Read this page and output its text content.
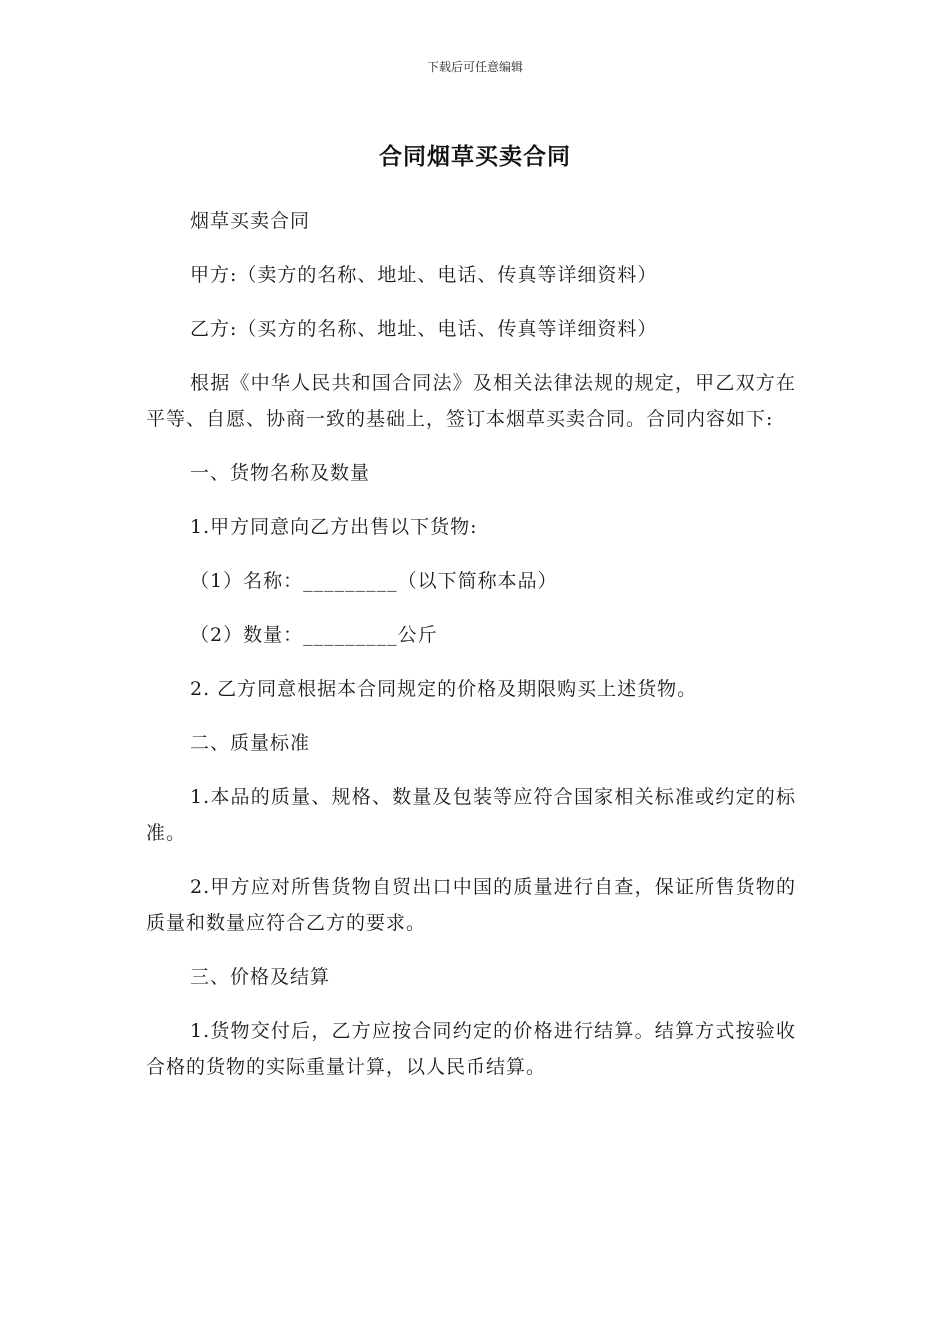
下载后可任意编辑
合同烟草买卖合同

烟草买卖合同

甲方:（卖方的名称、地址、电话、传真等详细资料）

乙方:（买方的名称、地址、电话、传真等详细资料）

根据《中华人民共和国合同法》及相关法律法规的规定，甲乙双方在平等、自愿、协商一致的基础上，签订本烟草买卖合同。合同内容如下:

一、货物名称及数量

1.甲方同意向乙方出售以下货物:

（1）名称：_________（以下简称本品）

（2）数量：_________公斤

2. 乙方同意根据本合同规定的价格及期限购买上述货物。

二、质量标准

1.本品的质量、规格、数量及包装等应符合国家相关标准或约定的标准。

2.甲方应对所售货物自贸出口中国的质量进行自查，保证所售货物的质量和数量应符合乙方的要求。

三、价格及结算

1.货物交付后，乙方应按合同约定的价格进行结算。结算方式按验收合格的货物的实际重量计算，以人民币结算。
